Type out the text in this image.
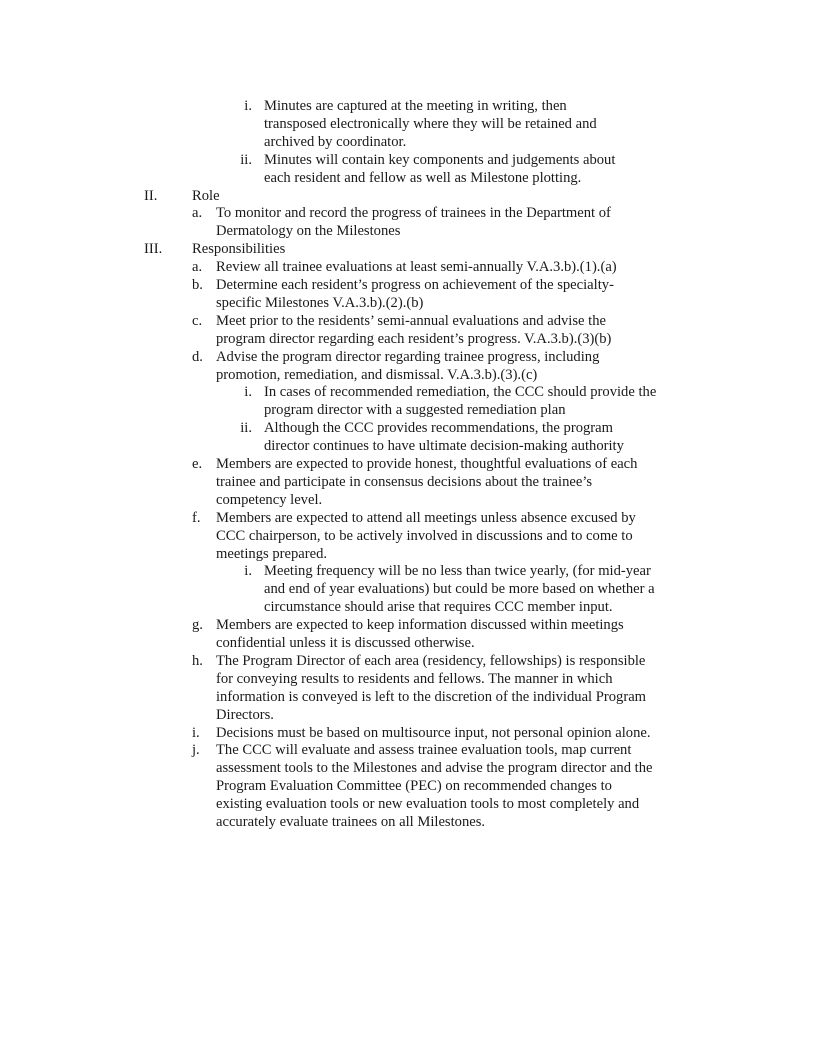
i. Minutes are captured at the meeting in writing, then
transposed electronically where they will be retained and
archived by coordinator.
ii. Minutes will contain key components and judgements about
each resident and fellow as well as Milestone plotting.
II. Role
a. To monitor and record the progress of trainees in the Department of
Dermatology on the Milestones
III. Responsibilities
a. Review all trainee evaluations at least semi-annually V.A.3.b).(1).(a)
b. Determine each resident’s progress on achievement of the specialty-
specific Milestones V.A.3.b).(2).(b)
c. Meet prior to the residents’ semi-annual evaluations and advise the
program director regarding each resident’s progress. V.A.3.b).(3)(b)
d. Advise the program director regarding trainee progress, including
promotion, remediation, and dismissal. V.A.3.b).(3).(c)
i. In cases of recommended remediation, the CCC should provide the
program director with a suggested remediation plan
ii. Although the CCC provides recommendations, the program
director continues to have ultimate decision-making authority
e. Members are expected to provide honest, thoughtful evaluations of each
trainee and participate in consensus decisions about the trainee’s
competency level.
f. Members are expected to attend all meetings unless absence excused by
CCC chairperson, to be actively involved in discussions and to come to
meetings prepared.
i. Meeting frequency will be no less than twice yearly, (for mid-year
and end of year evaluations) but could be more based on whether a
circumstance should arise that requires CCC member input.
g. Members are expected to keep information discussed within meetings
confidential unless it is discussed otherwise.
h. The Program Director of each area (residency, fellowships) is responsible
for conveying results to residents and fellows. The manner in which
information is conveyed is left to the discretion of the individual Program
Directors.
i. Decisions must be based on multisource input, not personal opinion alone.
j. The CCC will evaluate and assess trainee evaluation tools, map current
assessment tools to the Milestones and advise the program director and the
Program Evaluation Committee (PEC) on recommended changes to
existing evaluation tools or new evaluation tools to most completely and
accurately evaluate trainees on all Milestones.
